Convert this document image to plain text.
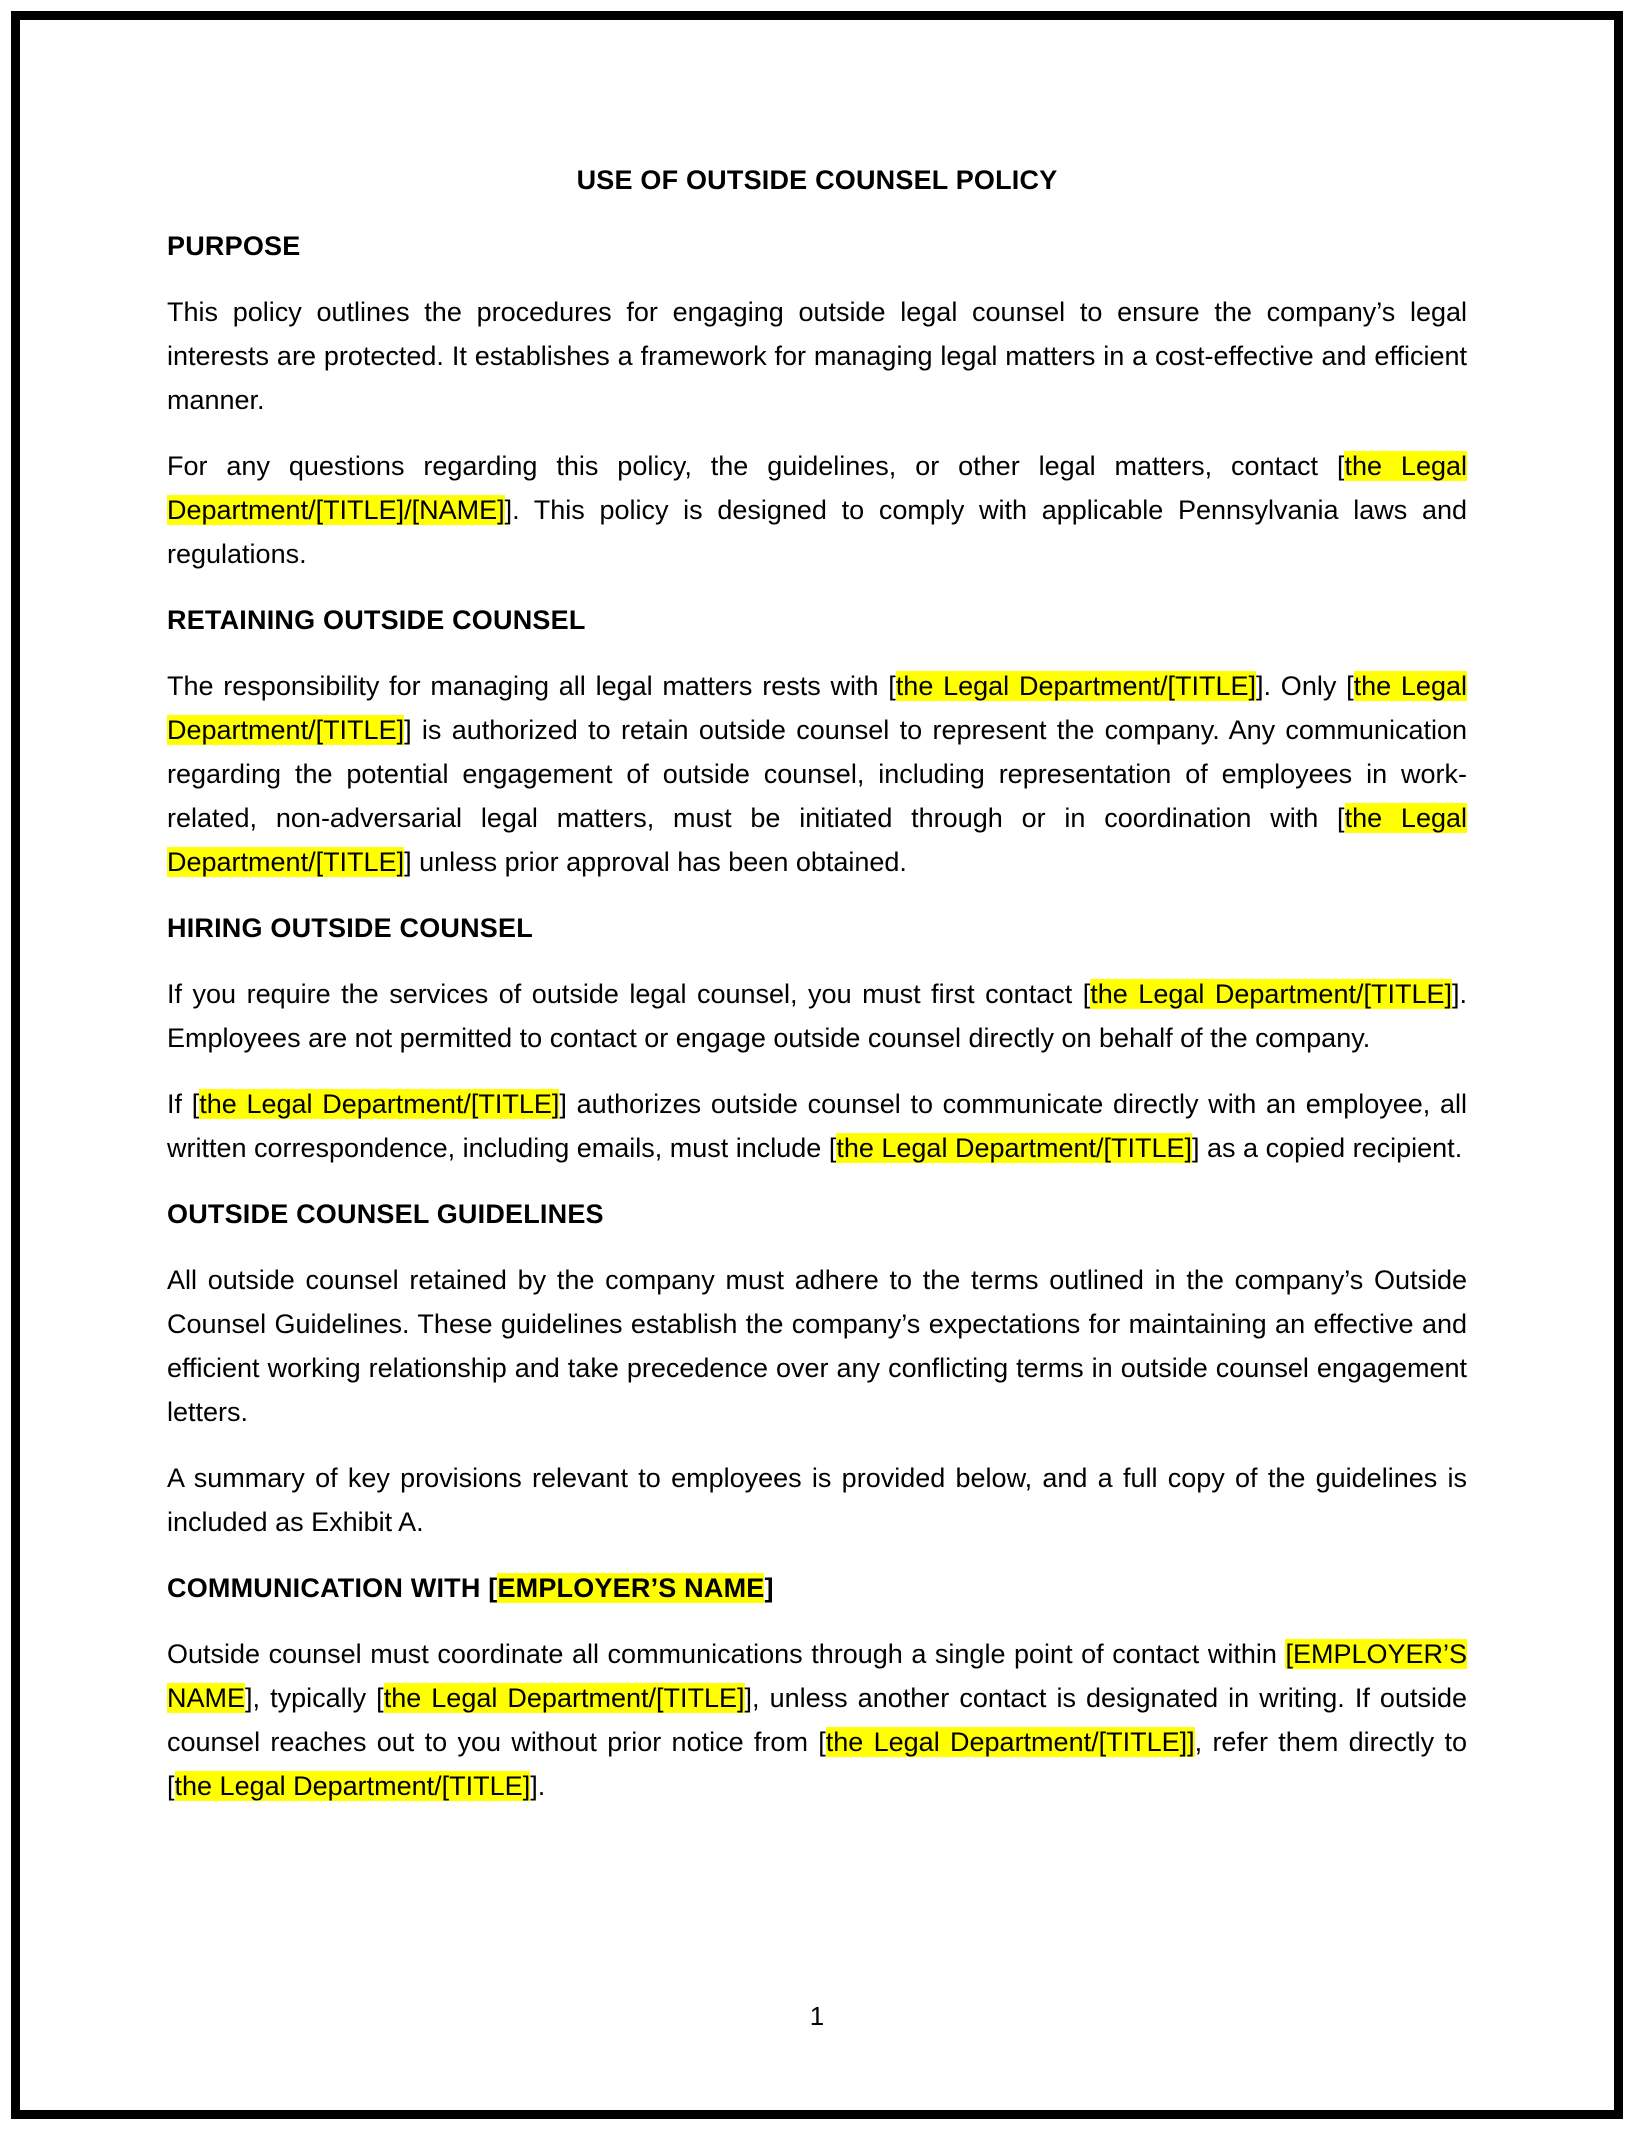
USE OF OUTSIDE COUNSEL POLICY
PURPOSE

This policy outlines the procedures for engaging outside legal counsel to ensure the company’s legal interests are protected. It establishes a framework for managing legal matters in a cost-effective and efficient manner.

For any questions regarding this policy, the guidelines, or other legal matters, contact [the Legal Department/[TITLE]/[NAME]]. This policy is designed to comply with applicable Pennsylvania laws and regulations.

RETAINING OUTSIDE COUNSEL

The responsibility for managing all legal matters rests with [the Legal Department/[TITLE]]. Only [the Legal Department/[TITLE]] is authorized to retain outside counsel to represent the company. Any communication regarding the potential engagement of outside counsel, including representation of employees in work-related, non-adversarial legal matters, must be initiated through or in coordination with [the Legal Department/[TITLE]] unless prior approval has been obtained.

HIRING OUTSIDE COUNSEL

If you require the services of outside legal counsel, you must first contact [the Legal Department/[TITLE]]. Employees are not permitted to contact or engage outside counsel directly on behalf of the company.

If [the Legal Department/[TITLE]] authorizes outside counsel to communicate directly with an employee, all written correspondence, including emails, must include [the Legal Department/[TITLE]] as a copied recipient.

OUTSIDE COUNSEL GUIDELINES

All outside counsel retained by the company must adhere to the terms outlined in the company’s Outside Counsel Guidelines. These guidelines establish the company’s expectations for maintaining an effective and efficient working relationship and take precedence over any conflicting terms in outside counsel engagement letters.

A summary of key provisions relevant to employees is provided below, and a full copy of the guidelines is included as Exhibit A.

COMMUNICATION WITH [EMPLOYER’S NAME]

Outside counsel must coordinate all communications through a single point of contact within [EMPLOYER’S NAME], typically [the Legal Department/[TITLE]], unless another contact is designated in writing. If outside counsel reaches out to you without prior notice from [the Legal Department/[TITLE]], refer them directly to [the Legal Department/[TITLE]].

1
